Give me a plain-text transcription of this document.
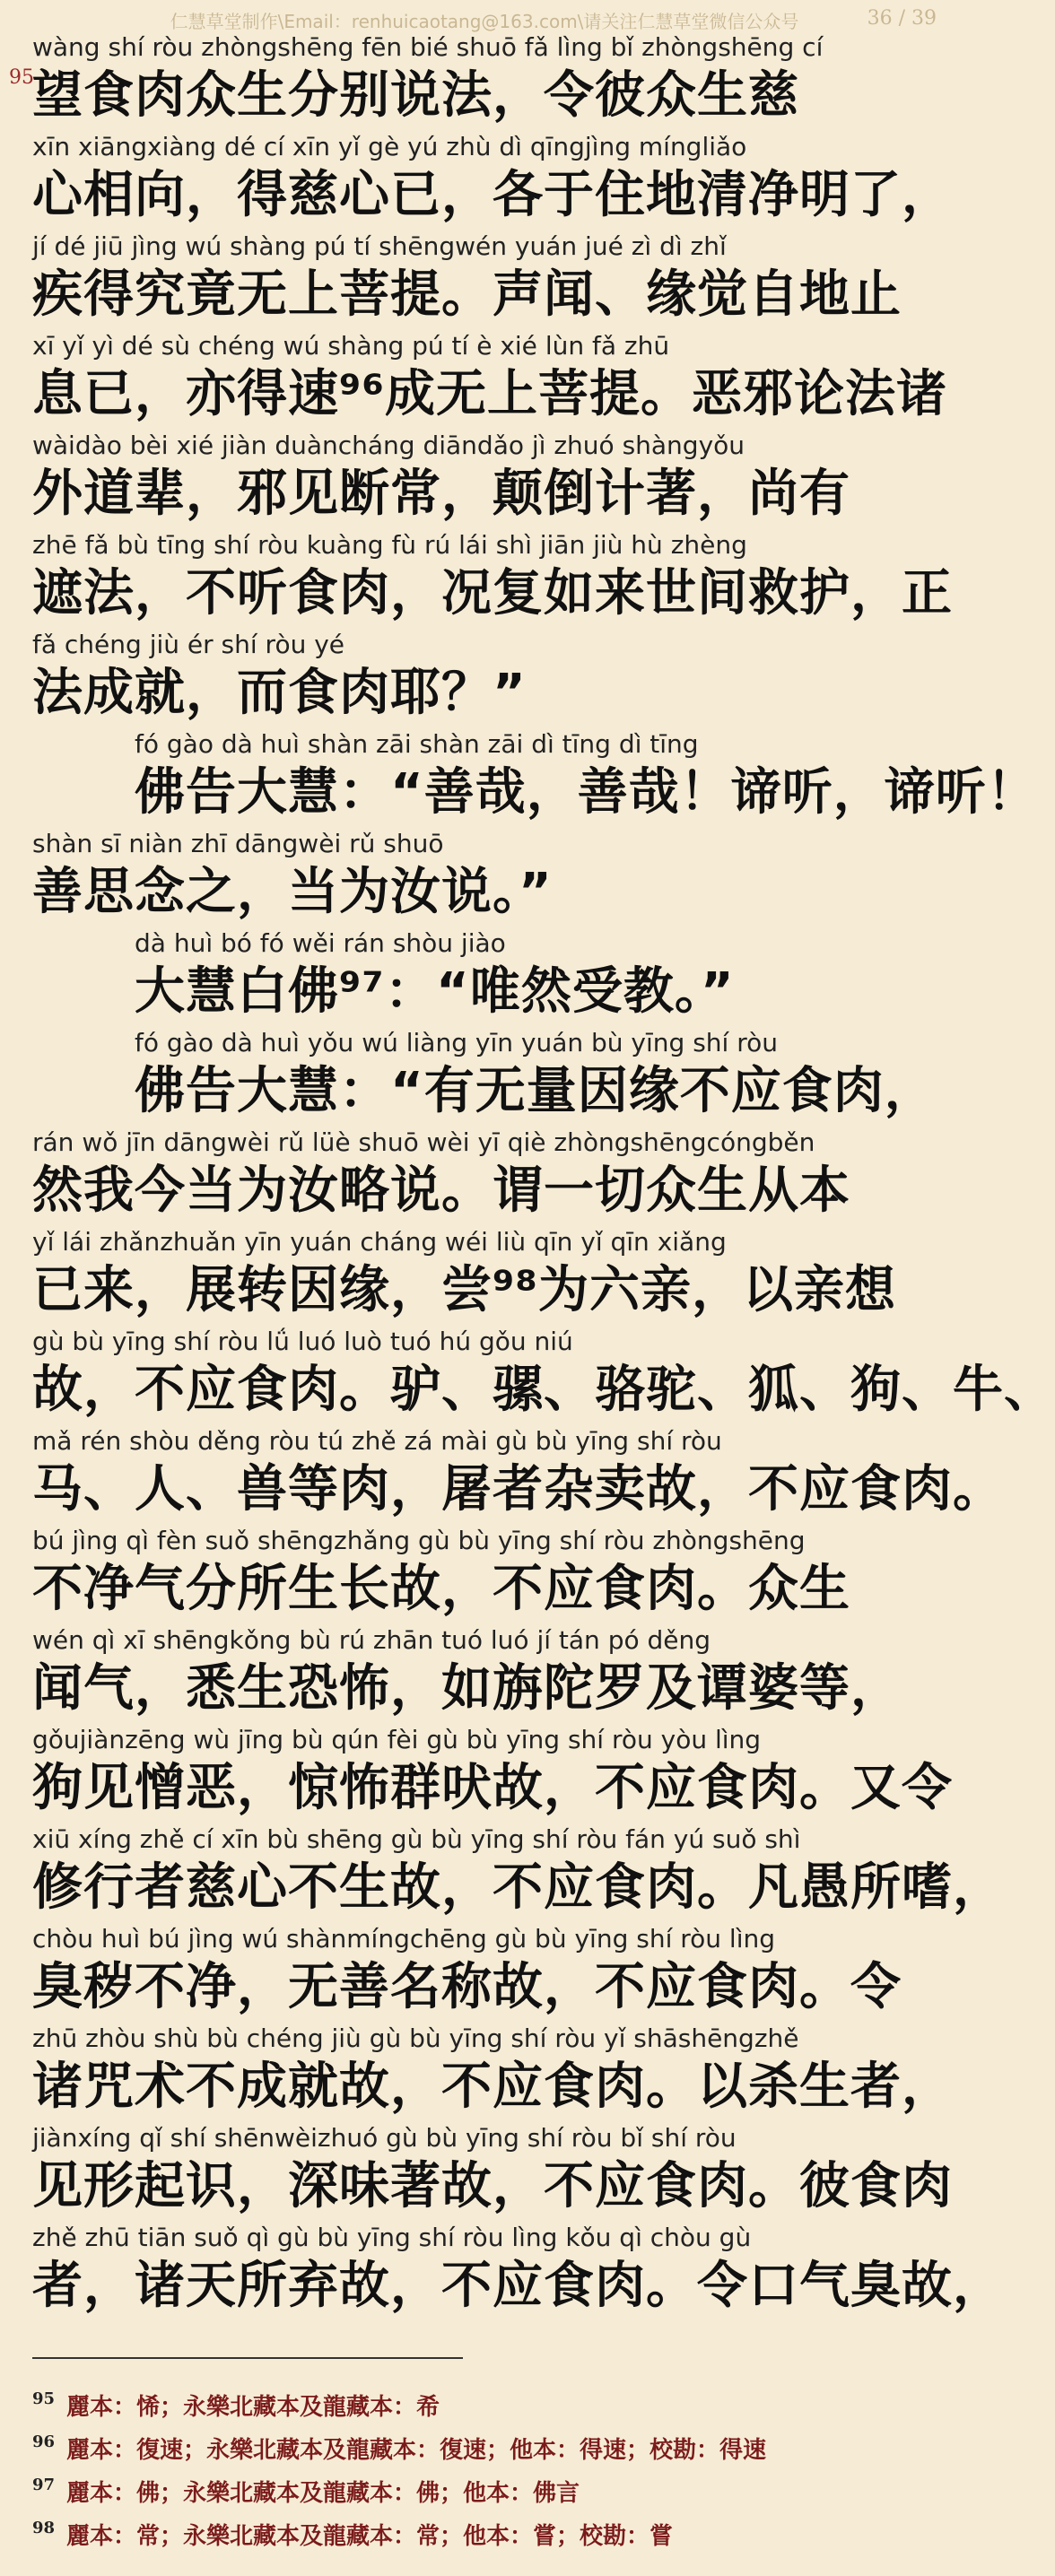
仁慧草堂制作\Email：renhuicaotang@163.com\请关注仁慧草堂微信公众号	36 / 39
95
wàng shí ròu zhòngshēng fēn bié shuō fǎ lìng bǐ zhòngshēng cí
望食肉众生分别说法，令彼众生慈
xīn xiāngxiàng dé cí xīn yǐ gè yú zhù dì qīngjìng míngliǎo
心相向，得慈心已，各于住地清净明了，
jí dé jiū jìng wú shàng pú tí shēngwén yuán jué zì dì zhǐ
疾得究竟无上菩提。声闻、缘觉自地止
xī yǐ yì dé sù chéng wú shàng pú tí è xié lùn fǎ zhū
息已，亦得速⁹⁶成无上菩提。恶邪论法诸
wàidào bèi xié jiàn duàncháng diāndǎo jì zhuó shàngyǒu
外道辈，邪见断常，颠倒计著，尚有
zhē fǎ bù tīng shí ròu kuàng fù rú lái shì jiān jiù hù zhèng
遮法，不听食肉，况复如来世间救护，正
fǎ chéng jiù ér shí ròu yé
法成就，而食肉耶？”
fó gào dà huì shàn zāi shàn zāi dì tīng dì tīng
佛告大慧：“善哉，善哉！谛听，谛听！
shàn sī niàn zhī dāngwèi rǔ shuō
善思念之，当为汝说。”
dà huì bó fó wěi rán shòu jiào
大慧白佛⁹⁷：“唯然受教。”
fó gào dà huì yǒu wú liàng yīn yuán bù yīng shí ròu
佛告大慧：“有无量因缘不应食肉，
rán wǒ jīn dāngwèi rǔ lüè shuō wèi yī qiè zhòngshēngcóngběn
然我今当为汝略说。谓一切众生从本
yǐ lái zhǎnzhuǎn yīn yuán cháng wéi liù qīn yǐ qīn xiǎng
已来，展转因缘，尝⁹⁸为六亲，以亲想
gù bù yīng shí ròu lǘ luó luò tuó hú gǒu niú
故，不应食肉。驴、骡、骆驼、狐、狗、牛、
mǎ rén shòu děng ròu tú zhě zá mài gù bù yīng shí ròu
马、人、兽等肉，屠者杂卖故，不应食肉。
bú jìng qì fèn suǒ shēngzhǎng gù bù yīng shí ròu zhòngshēng
不净气分所生长故，不应食肉。众生
wén qì xī shēngkǒng bù rú zhān tuó luó jí tán pó děng
闻气，悉生恐怖，如旃陀罗及谭婆等，
gǒujiànzēng wù jīng bù qún fèi gù bù yīng shí ròu yòu lìng
狗见憎恶，惊怖群吠故，不应食肉。又令
xiū xíng zhě cí xīn bù shēng gù bù yīng shí ròu fán yú suǒ shì
修行者慈心不生故，不应食肉。凡愚所嗜，
chòu huì bú jìng wú shànmíngchēng gù bù yīng shí ròu lìng
臭秽不净，无善名称故，不应食肉。令
zhū zhòu shù bù chéng jiù gù bù yīng shí ròu yǐ shāshēngzhě
诸咒术不成就故，不应食肉。以杀生者，
jiànxíng qǐ shí shēnwèizhuó gù bù yīng shí ròu bǐ shí ròu
见形起识，深味著故，不应食肉。彼食肉
zhě zhū tiān suǒ qì gù bù yīng shí ròu lìng kǒu qì chòu gù
者，诸天所弃故，不应食肉。令口气臭故，
95 麗本：悕；永樂北藏本及龍藏本：希
96 麗本：復速；永樂北藏本及龍藏本：復速；他本：得速；校勘：得速
97 麗本：佛；永樂北藏本及龍藏本：佛；他本：佛言
98 麗本：常；永樂北藏本及龍藏本：常；他本：嘗；校勘：嘗
